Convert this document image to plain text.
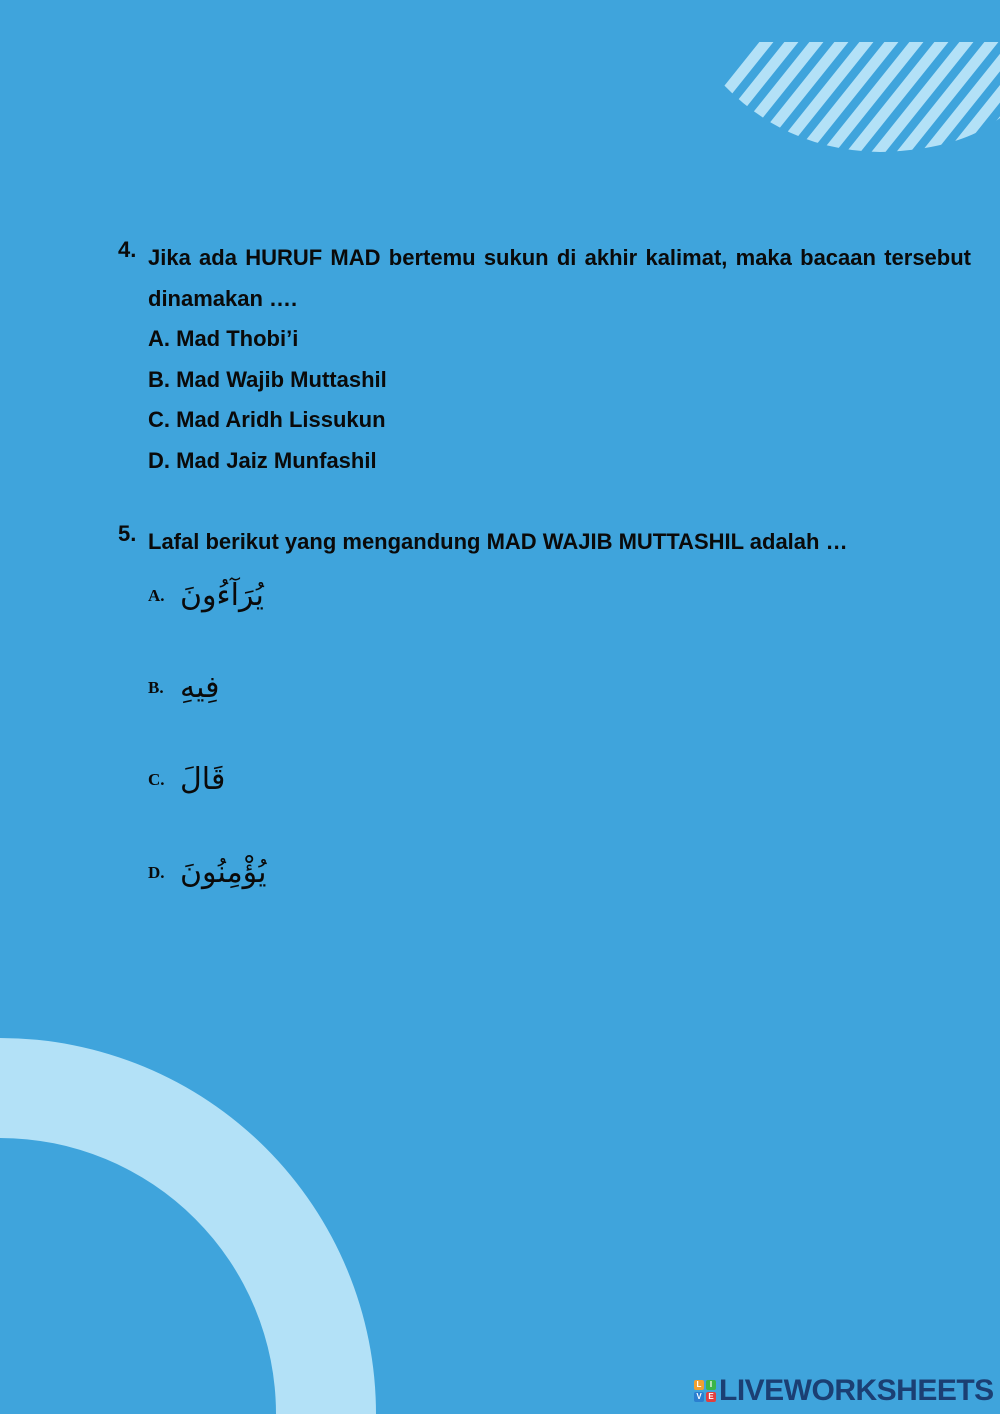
4. Jika ada HURUF MAD bertemu sukun di akhir kalimat, maka bacaan tersebut dinamakan ….
A. Mad Thobi’i
B. Mad Wajib Muttashil
C. Mad Aridh Lissukun
D. Mad Jaiz Munfashil
5. Lafal berikut yang mengandung MAD WAJIB MUTTASHIL adalah …
A. يُرَآءُونَ
B. فِيهِ
C. قَالَ
D. يُؤْمِنُونَ
L	I
V E LIVEWORKSHEETS
